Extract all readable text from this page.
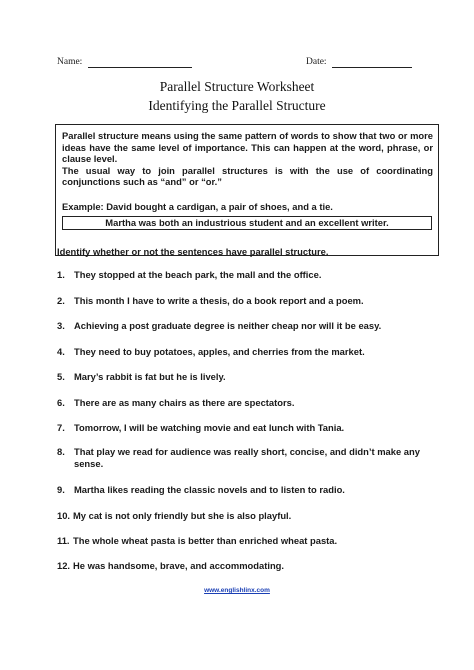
Name:	Date:
Parallel Structure Worksheet
Identifying the Parallel Structure

Parallel structure means using the same pattern of words to show that two or more ideas have the same level of importance. This can happen at the word, phrase, or clause level.

The usual way to join parallel structures is with the use of coordinating conjunctions such as “and” or “or.”

Example: David bought a cardigan, a pair of shoes, and a tie.
Martha was both an industrious student and an excellent writer.
Identify whether or not the sentences have parallel structure.
1. They stopped at the beach park, the mall and the office.
2. This month I have to write a thesis, do a book report and a poem.
3. Achieving a post graduate degree is neither cheap nor will it be easy.
4. They need to buy potatoes, apples, and cherries from the market.
5. Mary’s rabbit is fat but he is lively.
6. There are as many chairs as there are spectators.
7. Tomorrow, I will be watching movie and eat lunch with Tania.
8. That play we read for audience was really short, concise, and didn’t make any sense.
9. Martha likes reading the classic novels and to listen to radio.
10. My cat is not only friendly but she is also playful.
11. The whole wheat pasta is better than enriched wheat pasta.
12. He was handsome, brave, and accommodating.
www.englishlinx.com
